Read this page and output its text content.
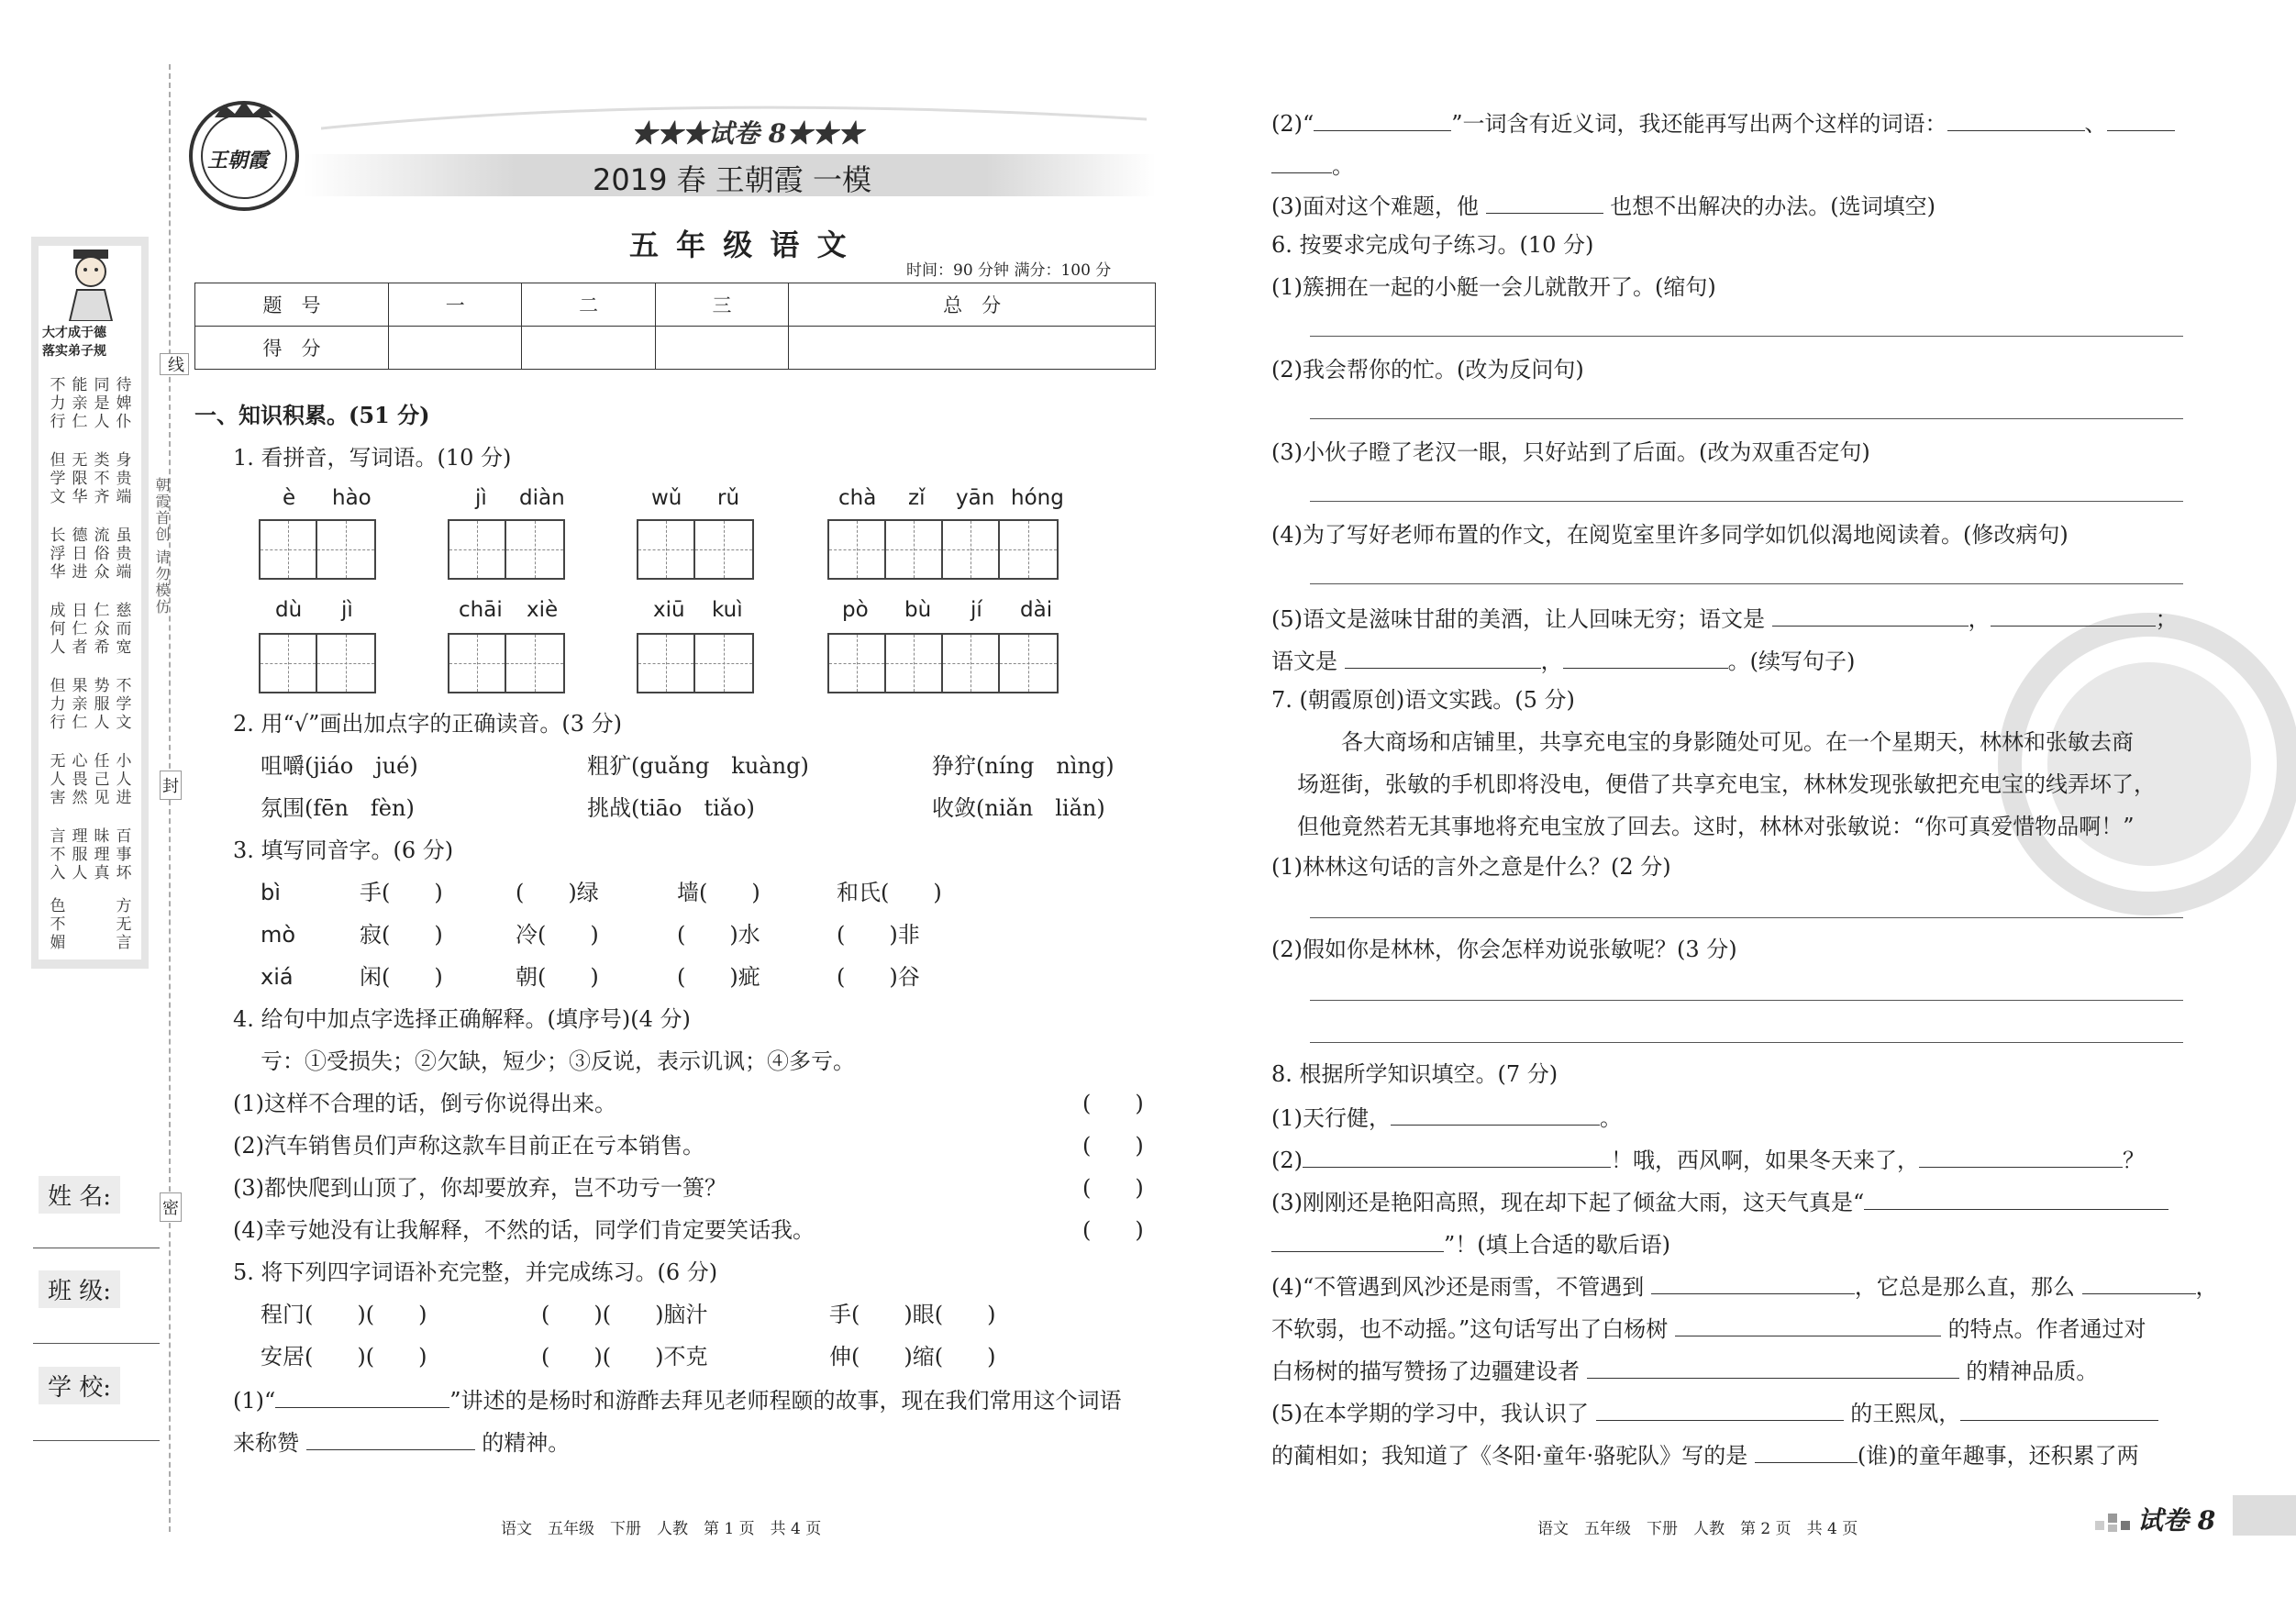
线
朝霞首创 请勿模仿
封
密
大才成于德
落实弟子规
不力行
能亲仁
同是人
待婢仆
但学文
无限华
类不齐
身贵端
长浮华
德日进
流俗众
虽贵端
成何人
日仁者
仁众希
慈而宽
但力行
果亲仁
势服人
不学文
无人害
心畏然
任己见
小人进
言不入
理服人
昧理真
百事坏
色不媚
方无言
姓 名:
班 级:
学 校:
王朝霞
★★★试卷 8★★★
2019 春 王朝霞 一模
五 年 级 语 文
时间：90 分钟 满分：100 分
题　号	一	二	三	总　分
得　分				
一、知识积累。(51 分)
1. 看拼音，写词语。(10 分)
è hào	jì diàn	wǔ rǔ	chà zǐ yān hóng
dù jì	chāi xiè	xiū kuì	pò bù jí dài
2. 用“√”画出加点字的正确读音。(3 分)
咀嚼(jiáo　jué)	粗犷(guǎng　kuàng)	狰狞(níng　nìng)
氛围(fēn　fèn)	挑战(tiāo　tiǎo)	收敛(niǎn　liǎn)
3. 填写同音字。(6 分)
bì	手(　　)	(　　)绿	墙(　　)	和氏(　　)
mò	寂(　　)	冷(　　)	(　　)水	(　　)非
xiá	闲(　　)	朝(　　)	(　　)疵	(　　)谷
4. 给句中加点字选择正确解释。(填序号)(4 分)
亏：①受损失；②欠缺，短少；③反说，表示讥讽；④多亏。
(1)这样不合理的话，倒亏你说得出来。	(　　)
(2)汽车销售员们声称这款车目前正在亏本销售。	(　　)
(3)都快爬到山顶了，你却要放弃，岂不功亏一篑？	(　　)
(4)幸亏她没有让我解释，不然的话，同学们肯定要笑话我。	(　　)
5. 将下列四字词语补充完整，并完成练习。(6 分)
程门(　　)(　　)	(　　)(　　)脑汁	手(　　)眼(　　)
安居(　　)(　　)	(　　)(　　)不克	伸(　　)缩(　　)
(1)“	”讲述的是杨时和游酢去拜见老师程颐的故事，现在我们常用这个词语
来称赞	的精神。
语文　五年级　下册　人教　第 1 页　共 4 页
(2)“	”一词含有近义词，我还能再写出两个这样的词语：	、
。
(3)面对这个难题，他	也想不出解决的办法。(选词填空)
6. 按要求完成句子练习。(10 分)
(1)簇拥在一起的小艇一会儿就散开了。(缩句)
(2)我会帮你的忙。(改为反问句)
(3)小伙子瞪了老汉一眼，只好站到了后面。(改为双重否定句)
(4)为了写好老师布置的作文，在阅览室里许多同学如饥似渴地阅读着。(修改病句)
(5)语文是滋味甘甜的美酒，让人回味无穷；语文是	，	；
语文是	，	。(续写句子)
7. (朝霞原创)语文实践。(5 分)
各大商场和店铺里，共享充电宝的身影随处可见。在一个星期天，林林和张敏去商
场逛街，张敏的手机即将没电，便借了共享充电宝，林林发现张敏把充电宝的线弄坏了，
但他竟然若无其事地将充电宝放了回去。这时，林林对张敏说：“你可真爱惜物品啊！”
(1)林林这句话的言外之意是什么？(2 分)
(2)假如你是林林，你会怎样劝说张敏呢？(3 分)
8. 根据所学知识填空。(7 分)
(1)天行健，	。
(2)	！哦，西风啊，如果冬天来了，	？
(3)刚刚还是艳阳高照，现在却下起了倾盆大雨，这天气真是“
”！(填上合适的歇后语)
(4)“不管遇到风沙还是雨雪，不管遇到	，它总是那么直，那么	，
不软弱，也不动摇。”这句话写出了白杨树	的特点。作者通过对
白杨树的描写赞扬了边疆建设者	的精神品质。
(5)在本学期的学习中，我认识了	的王熙凤，
的蔺相如；我知道了《冬阳·童年·骆驼队》写的是	(谁)的童年趣事，还积累了两
语文　五年级　下册　人教　第 2 页　共 4 页	试卷 8
